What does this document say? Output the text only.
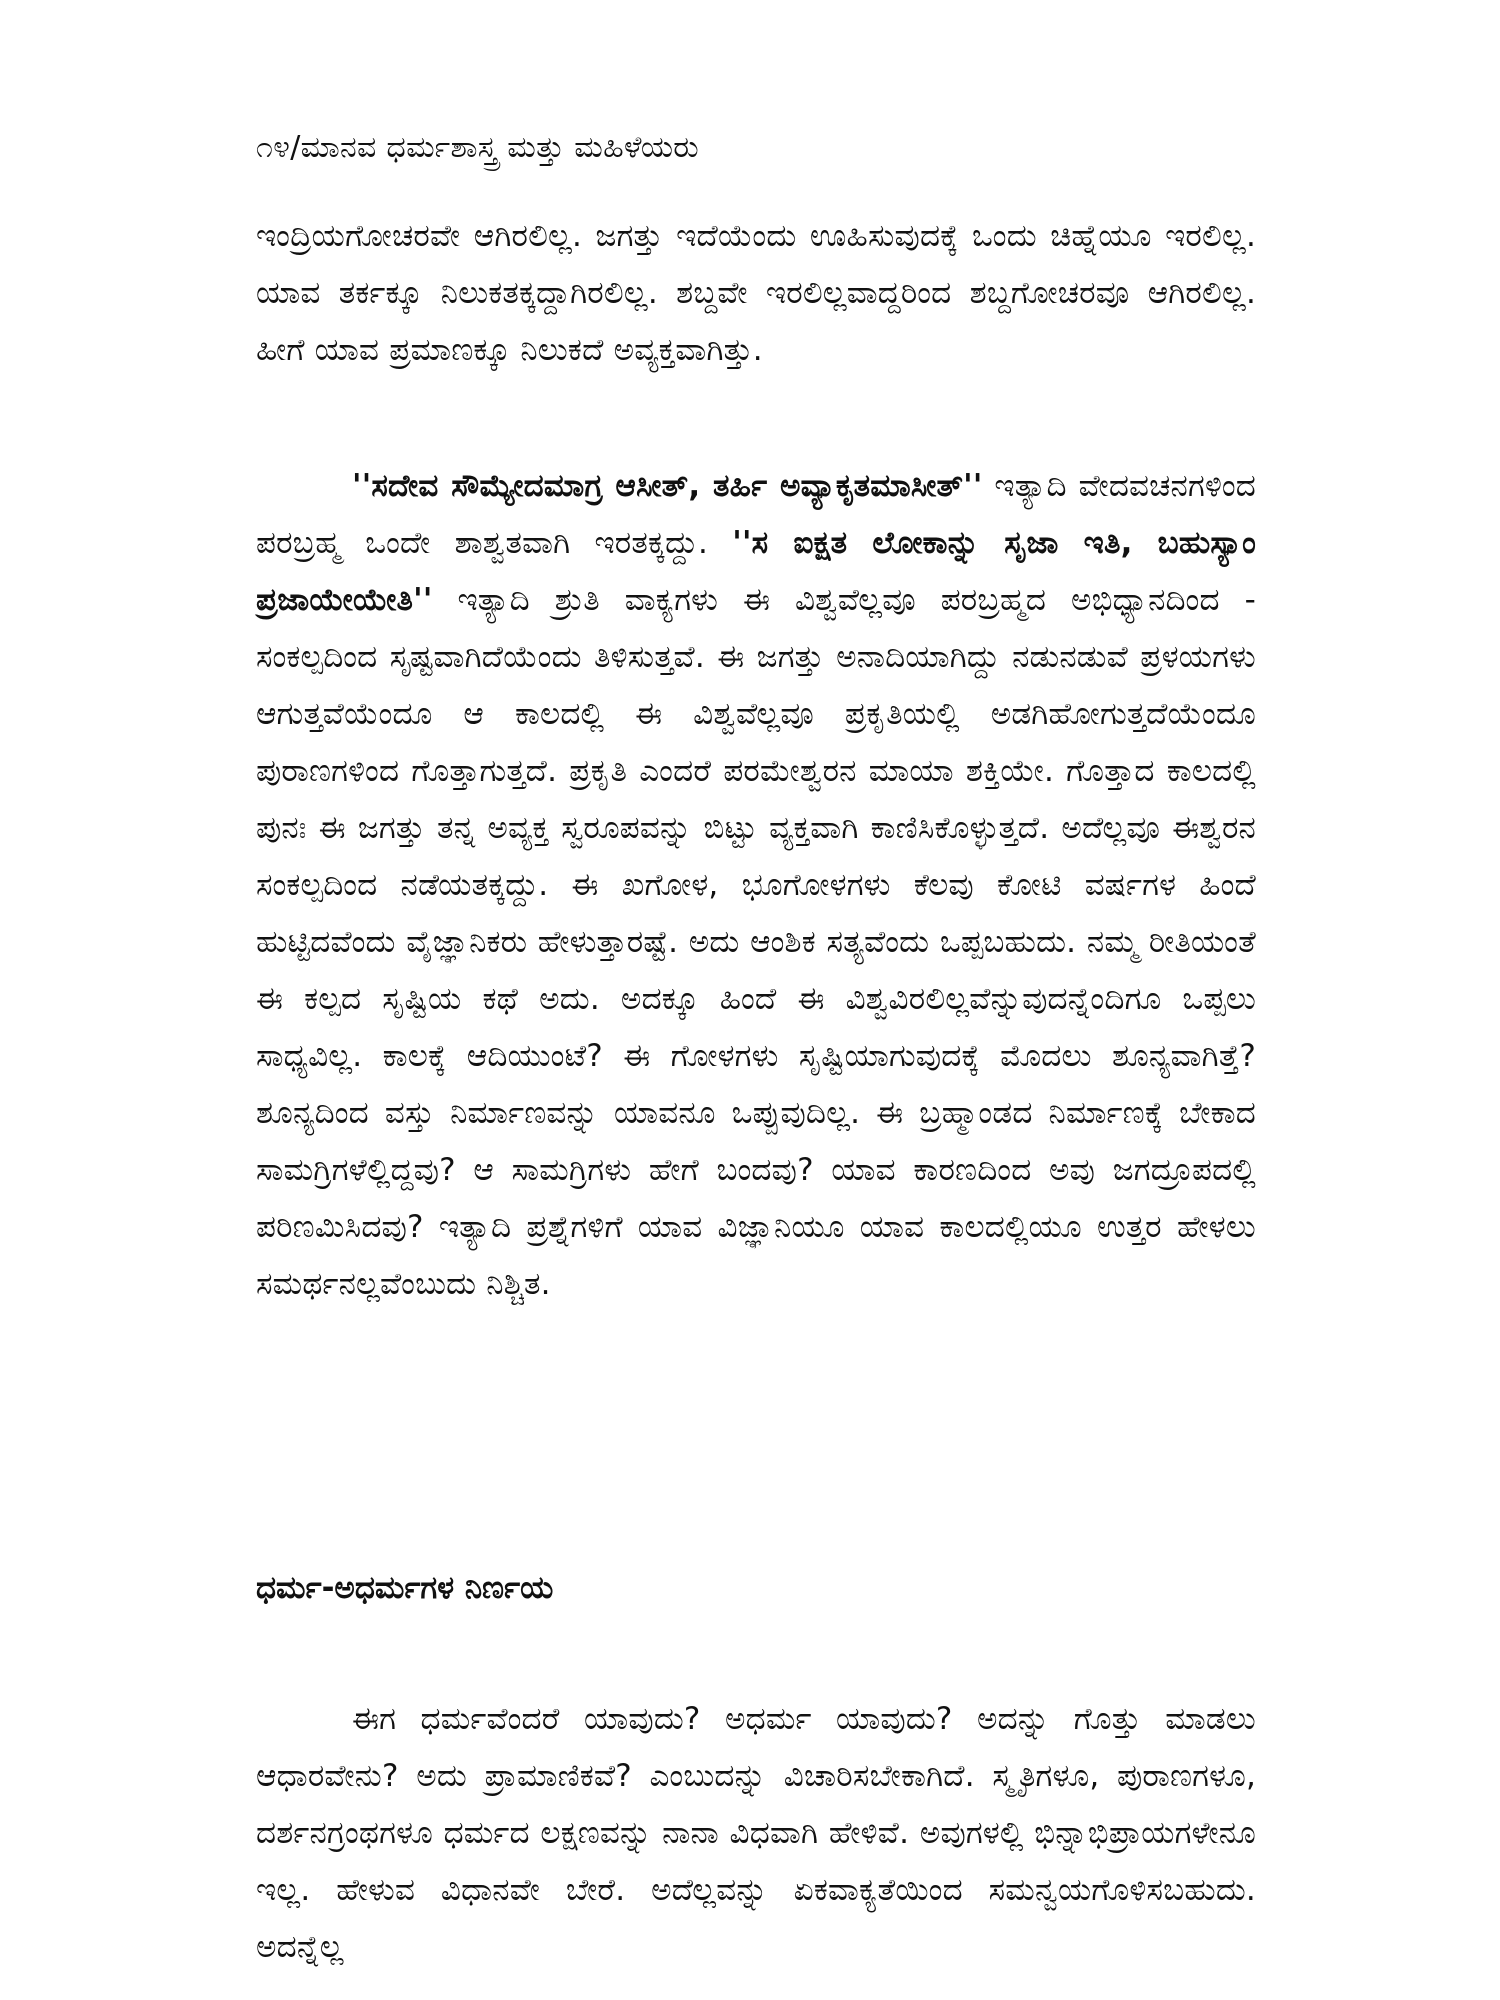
೧೪/ಮಾನವ ಧರ್ಮಶಾಸ್ತ್ರ ಮತ್ತು ಮಹಿಳೆಯರು

ಇಂದ್ರಿಯಗೋಚರವೇ ಆಗಿರಲಿಲ್ಲ. ಜಗತ್ತು ಇದೆಯೆಂದು ಊಹಿಸುವುದಕ್ಕೆ ಒಂದು ಚಿಹ್ನೆಯೂ ಇರಲಿಲ್ಲ. ಯಾವ ತರ್ಕಕ್ಕೂ ನಿಲುಕತಕ್ಕದ್ದಾಗಿರಲಿಲ್ಲ. ಶಬ್ದವೇ ಇರಲಿಲ್ಲವಾದ್ದರಿಂದ ಶಬ್ದಗೋಚರವೂ ಆಗಿರಲಿಲ್ಲ. ಹೀಗೆ ಯಾವ ಪ್ರಮಾಣಕ್ಕೂ ನಿಲುಕದೆ ಅವ್ಯಕ್ತವಾಗಿತ್ತು.

''ಸದೇವ ಸೌಮ್ಯೇದಮಾಗ್ರ ಆಸೀತ್, ತರ್ಹಿ ಅವ್ಯಾಕೃತಮಾಸೀತ್'' ಇತ್ಯಾದಿ ವೇದವಚನಗಳಿಂದ ಪರಬ್ರಹ್ಮ ಒಂದೇ ಶಾಶ್ವತವಾಗಿ ಇರತಕ್ಕದ್ದು. ''ಸ ಐಕ್ಷತ ಲೋಕಾನ್ನು ಸೃಜಾ ಇತಿ, ಬಹುಸ್ಯಾಂ ಪ್ರಜಾಯೇಯೇತಿ'' ಇತ್ಯಾದಿ ಶ್ರುತಿ ವಾಕ್ಯಗಳು ಈ ವಿಶ್ವವೆಲ್ಲವೂ ಪರಬ್ರಹ್ಮದ ಅಭಿಧ್ಯಾನದಿಂದ - ಸಂಕಲ್ಪದಿಂದ ಸೃಷ್ಟವಾಗಿದೆಯೆಂದು ತಿಳಿಸುತ್ತವೆ. ಈ ಜಗತ್ತು ಅನಾದಿಯಾಗಿದ್ದು ನಡುನಡುವೆ ಪ್ರಳಯಗಳು ಆಗುತ್ತವೆಯೆಂದೂ ಆ ಕಾಲದಲ್ಲಿ ಈ ವಿಶ್ವವೆಲ್ಲವೂ ಪ್ರಕೃತಿಯಲ್ಲಿ ಅಡಗಿಹೋಗುತ್ತದೆಯೆಂದೂ ಪುರಾಣಗಳಿಂದ ಗೊತ್ತಾಗುತ್ತದೆ. ಪ್ರಕೃತಿ ಎಂದರೆ ಪರಮೇಶ್ವರನ ಮಾಯಾ ಶಕ್ತಿಯೇ. ಗೊತ್ತಾದ ಕಾಲದಲ್ಲಿ ಪುನಃ ಈ ಜಗತ್ತು ತನ್ನ ಅವ್ಯಕ್ತ ಸ್ವರೂಪವನ್ನು ಬಿಟ್ಟು ವ್ಯಕ್ತವಾಗಿ ಕಾಣಿಸಿಕೊಳ್ಳುತ್ತದೆ. ಅದೆಲ್ಲವೂ ಈಶ್ವರನ ಸಂಕಲ್ಪದಿಂದ ನಡೆಯತಕ್ಕದ್ದು. ಈ ಖಗೋಳ, ಭೂಗೋಳಗಳು ಕೆಲವು ಕೋಟಿ ವರ್ಷಗಳ ಹಿಂದೆ ಹುಟ್ಟಿದವೆಂದು ವೈಜ್ಞಾನಿಕರು ಹೇಳುತ್ತಾರಷ್ಟೆ. ಅದು ಆಂಶಿಕ ಸತ್ಯವೆಂದು ಒಪ್ಪಬಹುದು. ನಮ್ಮ ರೀತಿಯಂತೆ ಈ ಕಲ್ಪದ ಸೃಷ್ಟಿಯ ಕಥೆ ಅದು. ಅದಕ್ಕೂ ಹಿಂದೆ ಈ ವಿಶ್ವವಿರಲಿಲ್ಲವೆನ್ನುವುದನ್ನೆಂದಿಗೂ ಒಪ್ಪಲು ಸಾಧ್ಯವಿಲ್ಲ. ಕಾಲಕ್ಕೆ ಆದಿಯುಂಟೆ? ಈ ಗೋಳಗಳು ಸೃಷ್ಟಿಯಾಗುವುದಕ್ಕೆ ಮೊದಲು ಶೂನ್ಯವಾಗಿತ್ತೆ? ಶೂನ್ಯದಿಂದ ವಸ್ತು ನಿರ್ಮಾಣವನ್ನು ಯಾವನೂ ಒಪ್ಪುವುದಿಲ್ಲ. ಈ ಬ್ರಹ್ಮಾಂಡದ ನಿರ್ಮಾಣಕ್ಕೆ ಬೇಕಾದ ಸಾಮಗ್ರಿಗಳೆಲ್ಲಿದ್ದವು? ಆ ಸಾಮಗ್ರಿಗಳು ಹೇಗೆ ಬಂದವು? ಯಾವ ಕಾರಣದಿಂದ ಅವು ಜಗದ್ರೂಪದಲ್ಲಿ ಪರಿಣಮಿಸಿದವು? ಇತ್ಯಾದಿ ಪ್ರಶ್ನೆಗಳಿಗೆ ಯಾವ ವಿಜ್ಞಾನಿಯೂ ಯಾವ ಕಾಲದಲ್ಲಿಯೂ ಉತ್ತರ ಹೇಳಲು ಸಮರ್ಥನಲ್ಲವೆಂಬುದು ನಿಶ್ಚಿತ.

ಧರ್ಮ-ಅಧರ್ಮಗಳ ನಿರ್ಣಯ

ಈಗ ಧರ್ಮವೆಂದರೆ ಯಾವುದು? ಅಧರ್ಮ ಯಾವುದು? ಅದನ್ನು ಗೊತ್ತು ಮಾಡಲು ಆಧಾರವೇನು? ಅದು ಪ್ರಾಮಾಣಿಕವೆ? ಎಂಬುದನ್ನು ವಿಚಾರಿಸಬೇಕಾಗಿದೆ. ಸ್ಮೃತಿಗಳೂ, ಪುರಾಣಗಳೂ, ದರ್ಶನಗ್ರಂಥಗಳೂ ಧರ್ಮದ ಲಕ್ಷಣವನ್ನು ನಾನಾ ವಿಧವಾಗಿ ಹೇಳಿವೆ. ಅವುಗಳಲ್ಲಿ ಭಿನ್ನಾಭಿಪ್ರಾಯಗಳೇನೂ ಇಲ್ಲ. ಹೇಳುವ ವಿಧಾನವೇ ಬೇರೆ. ಅದೆಲ್ಲವನ್ನು ಏಕವಾಕ್ಯತೆಯಿಂದ ಸಮನ್ವಯಗೊಳಿಸಬಹುದು. ಅದನ್ನೆಲ್ಲ
